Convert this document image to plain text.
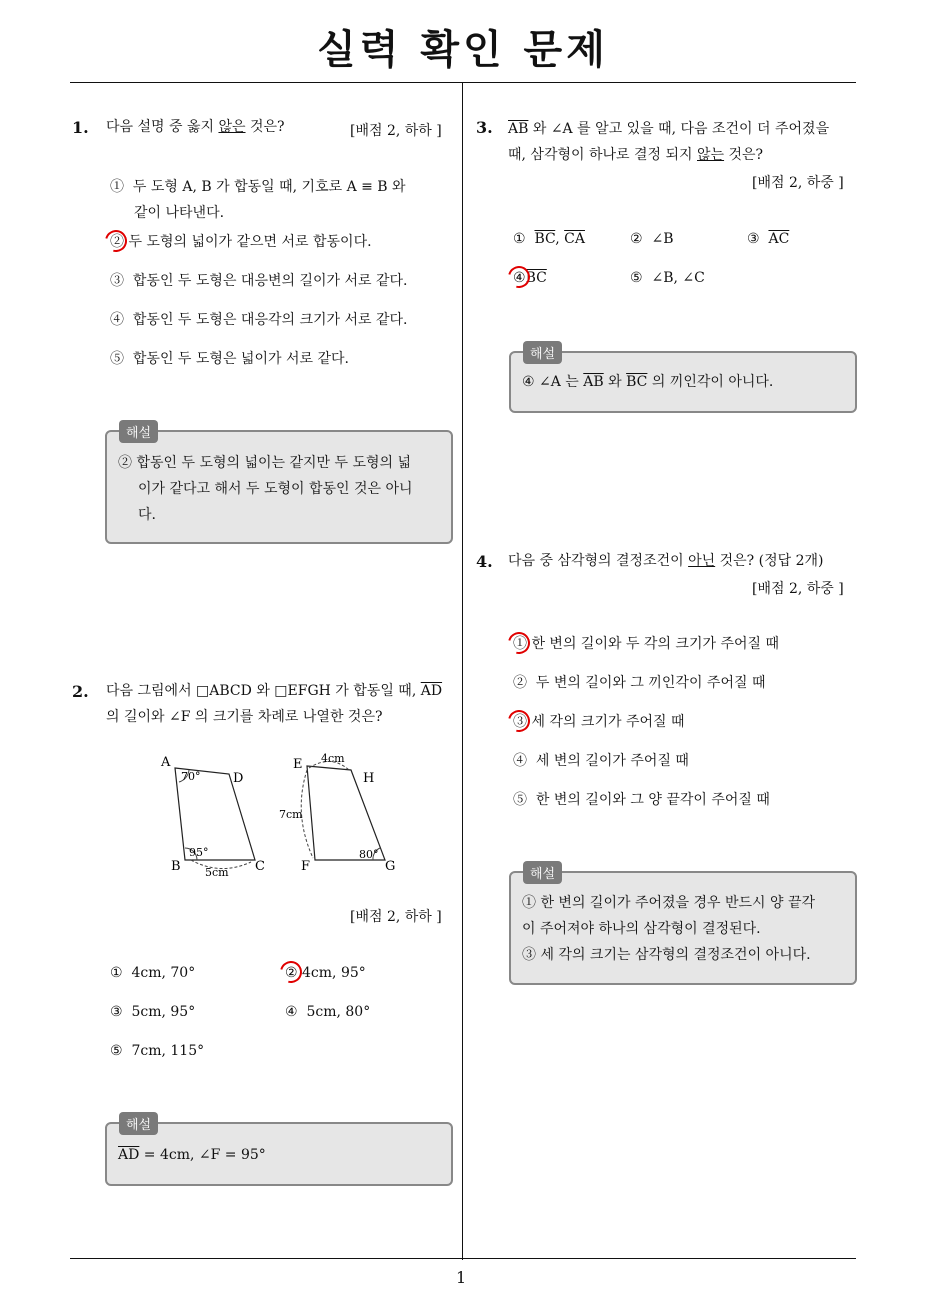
실력 확인 문제
1
1. 다음 설명 중 옳지 않은 것은?	[배점 2, 하하 ]
① 두 도형 A, B 가 합동일 때, 기호로 A ≡ B 와
같이 나타낸다.
② 두 도형의 넓이가 같으면 서로 합동이다.
③ 합동인 두 도형은 대응변의 길이가 서로 같다.
④ 합동인 두 도형은 대응각의 크기가 서로 같다.
⑤ 합동인 두 도형은 넓이가 서로 같다.
해설
② 합동인 두 도형의 넓이는 같지만 두 도형의 넓
이가 같다고 해서 두 도형이 합동인 것은 아니
다.
2. 다음 그림에서 □ABCD 와 □EFGH 가 합동일 때, $\overline{AD}$
의 길이와 ∠F 의 크기를 차례로 나열한 것은?
A
D
B	C
E
H
F	G
70°
95°	80°
5cm
4cm
7cm
[배점 2, 하하 ]
① 4cm, 70°	② 4cm, 95°
③ 5cm, 95°	④ 5cm, 80°
⑤ 7cm, 115°
해설
$\overline{AD} = 4cm$, ∠F = 95°
3. $\overline{AB}$ 와 ∠A 를 알고 있을 때, 다음 조건이 더 주어졌을
때, 삼각형이 하나로 결정 되지 않는 것은?
[배점 2, 하중 ]
① $\overline{BC}$, $\overline{CA}$	② ∠B	③ $\overline{AC}$
$④\overline{BC}$	⑤ ∠B, ∠C
해설
④ ∠A 는 $\overline{AB}$ 와 $\overline{BC}$ 의 끼인각이 아니다.
4. 다음 중 삼각형의 결정조건이 아닌 것은? (정답 2개)
[배점 2, 하중 ]
① 한 변의 길이와 두 각의 크기가 주어질 때
② 두 변의 길이와 그 끼인각이 주어질 때
③ 세 각의 크기가 주어질 때
④ 세 변의 길이가 주어질 때
⑤ 한 변의 길이와 그 양 끝각이 주어질 때
해설
① 한 변의 길이가 주어졌을 경우 반드시 양 끝각
이 주어져야 하나의 삼각형이 결정된다.
③ 세 각의 크기는 삼각형의 결정조건이 아니다.
